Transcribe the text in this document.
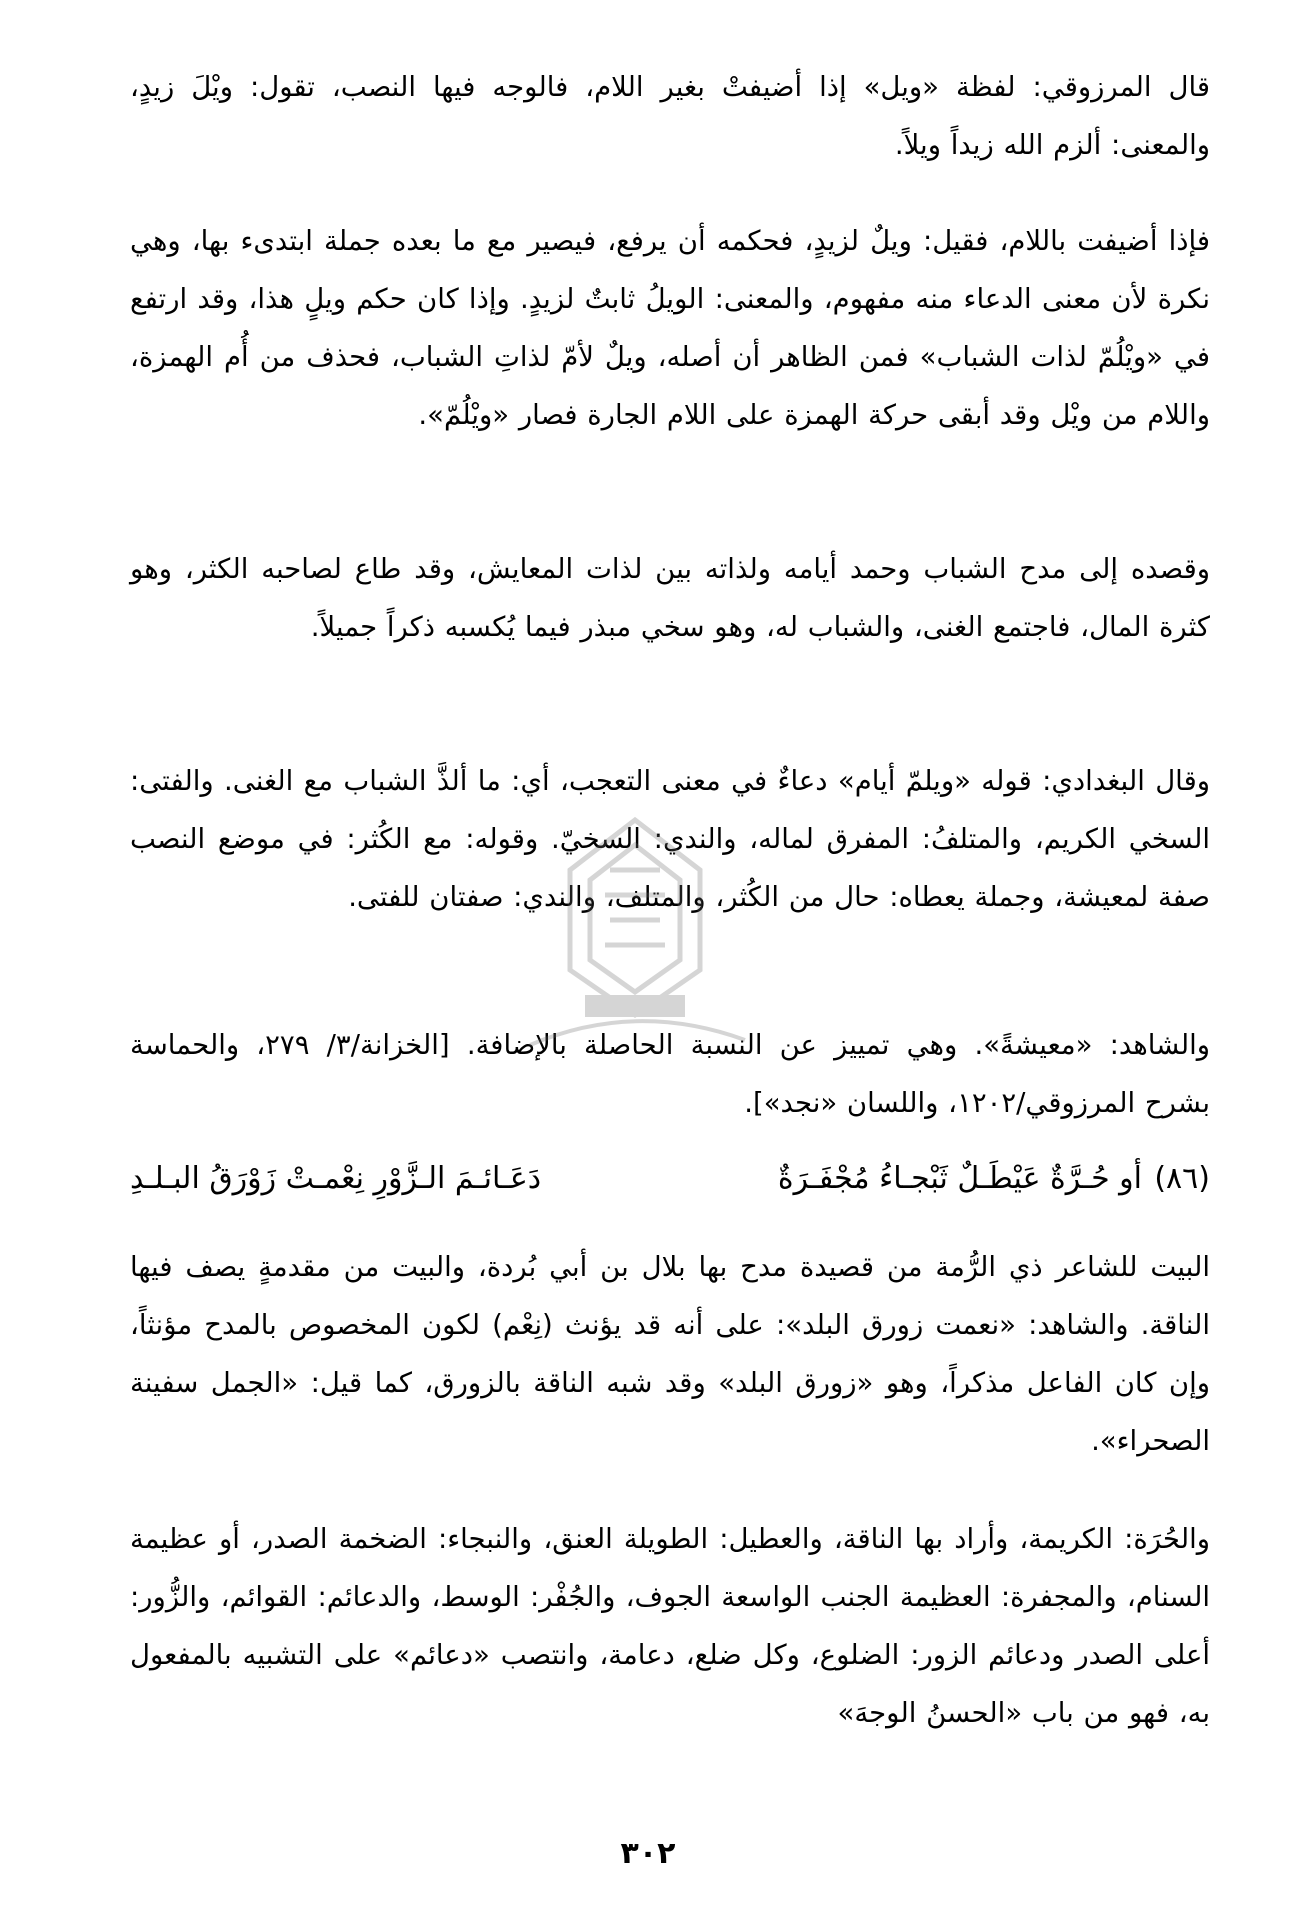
قال المرزوقي: لفظة «ويل» إذا أضيفتْ بغير اللام، فالوجه فيها النصب، تقول: ويْلَ زيدٍ، والمعنى: ألزم الله زيداً ويلاً.
فإذا أضيفت باللام، فقيل: ويلٌ لزيدٍ، فحكمه أن يرفع، فيصير مع ما بعده جملة ابتدىء بها، وهي نكرة لأن معنى الدعاء منه مفهوم، والمعنى: الويلُ ثابتٌ لزيدٍ. وإذا كان حكم ويلٍ هذا، وقد ارتفع في «ويْلُمّ لذات الشباب» فمن الظاهر أن أصله، ويلٌ لأمّ لذاتِ الشباب، فحذف من أُم الهمزة، واللام من ويْل وقد أبقى حركة الهمزة على اللام الجارة فصار «ويْلُمّ».
وقصده إلى مدح الشباب وحمد أيامه ولذاته بين لذات المعايش، وقد طاع لصاحبه الكثر، وهو كثرة المال، فاجتمع الغنى، والشباب له، وهو سخي مبذر فيما يُكسبه ذكراً جميلاً.
وقال البغدادي: قوله «ويلمّ أيام» دعاءٌ في معنى التعجب، أي: ما ألذَّ الشباب مع الغنى. والفتى: السخي الكريم، والمتلفُ: المفرق لماله، والندي: السخيّ. وقوله: مع الكُثر: في موضع النصب صفة لمعيشة، وجملة يعطاه: حال من الكُثر، والمتلف، والندي: صفتان للفتى.
والشاهد: «معيشةً». وهي تمييز عن النسبة الحاصلة بالإضافة. [الخزانة/٣/ ٢٧٩، والحماسة بشرح المرزوقي/١٢٠٢، واللسان «نجد»].
(٨٦)
أو حُـرَّةٌ عَيْطَـلٌ ثَبْجـاءُ مُجْفَـرَةٌ
دَعَـائـمَ الـزَّوْرِ نِعْمـتْ زَوْرَقُ البـلـدِ
البيت للشاعر ذي الرُّمة من قصيدة مدح بها بلال بن أبي بُردة، والبيت من مقدمةٍ يصف فيها الناقة. والشاهد: «نعمت زورق البلد»: على أنه قد يؤنث (نِعْم) لكون المخصوص بالمدح مؤنثاً، وإن كان الفاعل مذكراً، وهو «زورق البلد» وقد شبه الناقة بالزورق، كما قيل: «الجمل سفينة الصحراء».
والحُرَة: الكريمة، وأراد بها الناقة، والعطيل: الطويلة العنق، والنبجاء: الضخمة الصدر، أو عظيمة السنام، والمجفرة: العظيمة الجنب الواسعة الجوف، والجُفْر: الوسط، والدعائم: القوائم، والزُّور: أعلى الصدر ودعائم الزور: الضلوع، وكل ضلع، دعامة، وانتصب «دعائم» على التشبيه بالمفعول به، فهو من باب «الحسنُ الوجهَ»
٣٠٢
